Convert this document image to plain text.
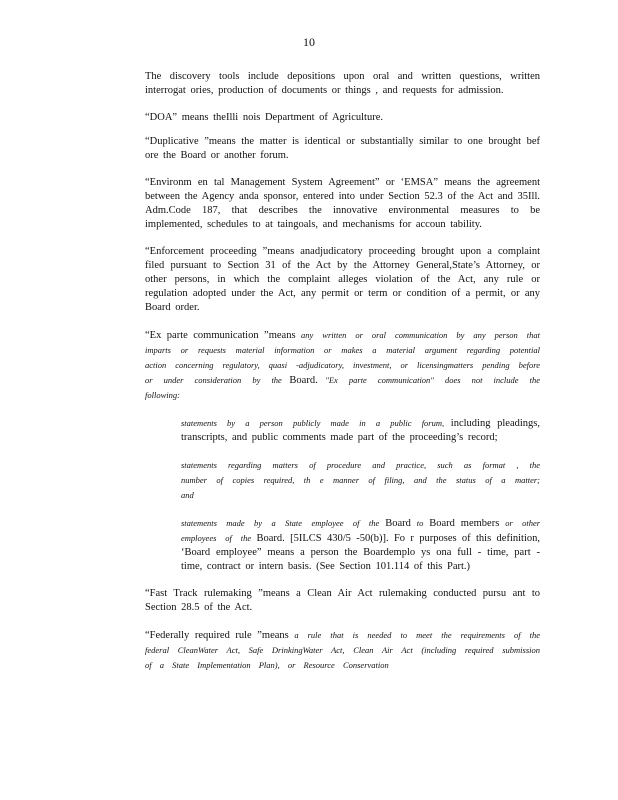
10

The discovery tools include depositions upon oral and written questions, written interrogat ories, production of documents or things , and requests for admission.

“DOA” means theIlli nois Department of Agriculture.

“Duplicative ”means the matter is identical or substantially similar to one brought bef ore the Board or another forum.

“Environm en tal Management System Agreement” or ‘EMSA” means the agreement between the Agency anda sponsor, entered into under Section 52.3 of the Act and 35Ill. Adm.Code 187, that describes the innovative environmental measures to be implemented, schedules to at taingoals, and mechanisms for accoun tability.

“Enforcement proceeding ”means anadjudicatory proceeding brought upon a complaint filed pursuant to Section 31 of the Act by the Attorney General,State’s Attorney, or other persons, in which the complaint alleges violation of the Act, any rule or regulation adopted under the Act, any permit or term or condition of a permit, or any Board order.

“Ex parte communication ”means any written or oral communication by any person that imparts or requests material information or makes a material argument regarding potential action concerning regulatory, quasi -adjudicatory, investment, or licensingmatters pending before or under consideration by the Board. "Ex parte communication" does not include the following:

statements by a person publicly made in a public forum, including pleadings, transcripts, and public comments made part of the proceeding’s record;

statements regarding matters of procedure and practice, such as format , the number of copies required, th e manner of filing, and the status of a matter; and

statements made by a State employee of the Board to Board members or other employees of the Board. [5ILCS 430/5 -50(b)]. Fo r purposes of this definition, ‘Board employee” means a person the Boardemplo ys ona full - time, part -time, contract or intern basis. (See Section 101.114 of this Part.)

“Fast Track rulemaking ”means a Clean Air Act rulemaking conducted pursu ant to Section 28.5 of the Act.

“Federally required rule ”means a rule that is needed to meet the requirements of the federal CleanWater Act, Safe DrinkingWater Act, Clean Air Act (including required submission of a State Implementation Plan), or Resource Conservation
